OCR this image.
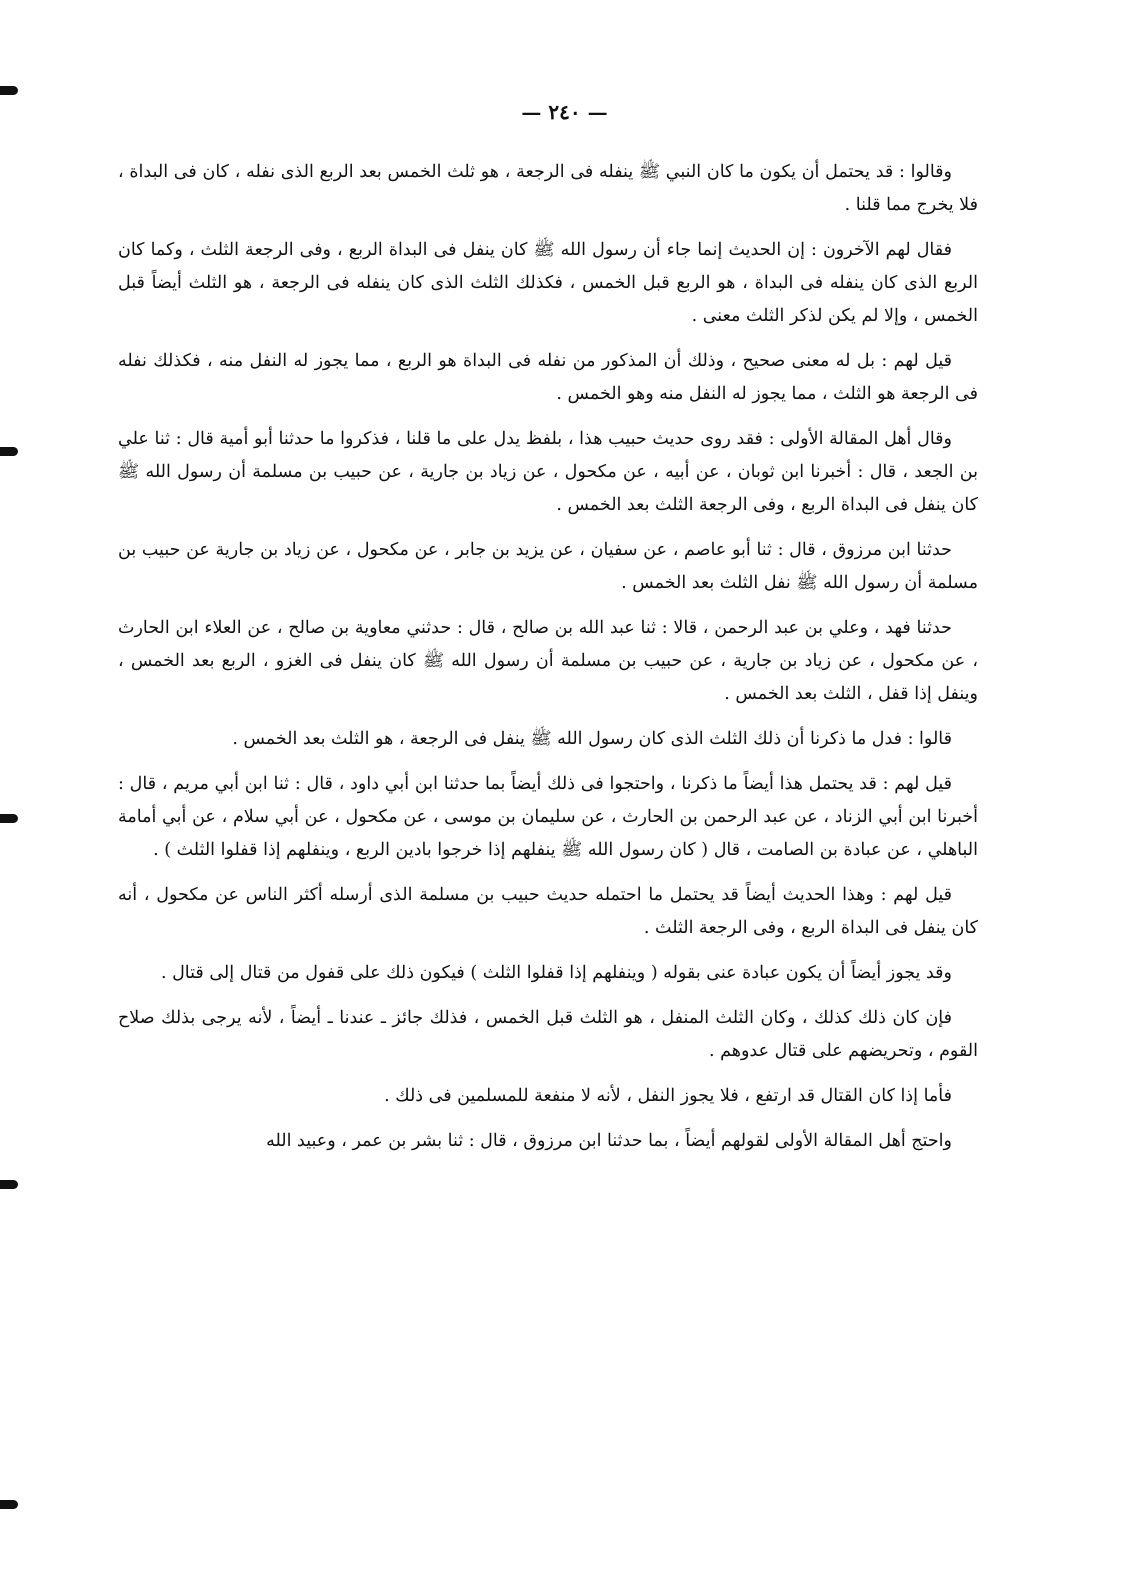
— ٢٤٠ —

وقالوا : قد يحتمل أن يكون ما كان النبي ﷺ ينفله فى الرجعة ، هو ثلث الخمس بعد الربع الذى نفله ، كان فى البداة ، فلا يخرج مما قلنا .

فقال لهم الآخرون : إن الحديث إنما جاء أن رسول الله ﷺ كان ينفل فى البداة الربع ، وفى الرجعة الثلث ، وكما كان الربع الذى كان ينفله فى البداة ، هو الربع قبل الخمس ، فكذلك الثلث الذى كان ينفله فى الرجعة ، هو الثلث أيضاً قبل الخمس ، وإلا لم يكن لذكر الثلث معنى .

قيل لهم : بل له معنى صحيح ، وذلك أن المذكور من نفله فى البداة هو الربع ، مما يجوز له النفل منه ، فكذلك نفله فى الرجعة هو الثلث ، مما يجوز له النفل منه وهو الخمس .

وقال أهل المقالة الأولى : فقد روى حديث حبيب هذا ، بلفظ يدل على ما قلنا ، فذكروا ما حدثنا أبو أمية قال : ثنا علي بن الجعد ، قال : أخبرنا ابن ثوبان ، عن أبيه ، عن مكحول ، عن زياد بن جارية ، عن حبيب بن مسلمة أن رسول الله ﷺ كان ينفل فى البداة الربع ، وفى الرجعة الثلث بعد الخمس .

حدثنا ابن مرزوق ، قال : ثنا أبو عاصم ، عن سفيان ، عن يزيد بن جابر ، عن مكحول ، عن زياد بن جارية عن حبيب بن مسلمة أن رسول الله ﷺ نفل الثلث بعد الخمس .

حدثنا فهد ، وعلي بن عبد الرحمن ، قالا : ثنا عبد الله بن صالح ، قال : حدثني معاوية بن صالح ، عن العلاء ابن الحارث ، عن مكحول ، عن زياد بن جارية ، عن حبيب بن مسلمة أن رسول الله ﷺ كان ينفل فى الغزو ، الربع بعد الخمس ، وينفل إذا قفل ، الثلث بعد الخمس .

قالوا : فدل ما ذكرنا أن ذلك الثلث الذى كان رسول الله ﷺ ينفل فى الرجعة ، هو الثلث بعد الخمس .

قيل لهم : قد يحتمل هذا أيضاً ما ذكرنا ، واحتجوا فى ذلك أيضاً بما حدثنا ابن أبي داود ، قال : ثنا ابن أبي مريم ، قال : أخبرنا ابن أبي الزناد ، عن عبد الرحمن بن الحارث ، عن سليمان بن موسى ، عن مكحول ، عن أبي سلام ، عن أبي أمامة الباهلي ، عن عبادة بن الصامت ، قال ( كان رسول الله ﷺ ينفلهم إذا خرجوا بادين الربع ، وينفلهم إذا قفلوا الثلث ) .

قيل لهم : وهذا الحديث أيضاً قد يحتمل ما احتمله حديث حبيب بن مسلمة الذى أرسله أكثر الناس عن مكحول ، أنه كان ينفل فى البداة الربع ، وفى الرجعة الثلث .

وقد يجوز أيضاً أن يكون عبادة عنى بقوله ( وينفلهم إذا قفلوا الثلث ) فيكون ذلك على قفول من قتال إلى قتال .

فإن كان ذلك كذلك ، وكان الثلث المنفل ، هو الثلث قبل الخمس ، فذلك جائز ـ عندنا ـ أيضاً ، لأنه يرجى بذلك صلاح القوم ، وتحريضهم على قتال عدوهم .

فأما إذا كان القتال قد ارتفع ، فلا يجوز النفل ، لأنه لا منفعة للمسلمين فى ذلك .

واحتج أهل المقالة الأولى لقولهم أيضاً ، بما حدثنا ابن مرزوق ، قال : ثنا بشر بن عمر ، وعبيد الله
